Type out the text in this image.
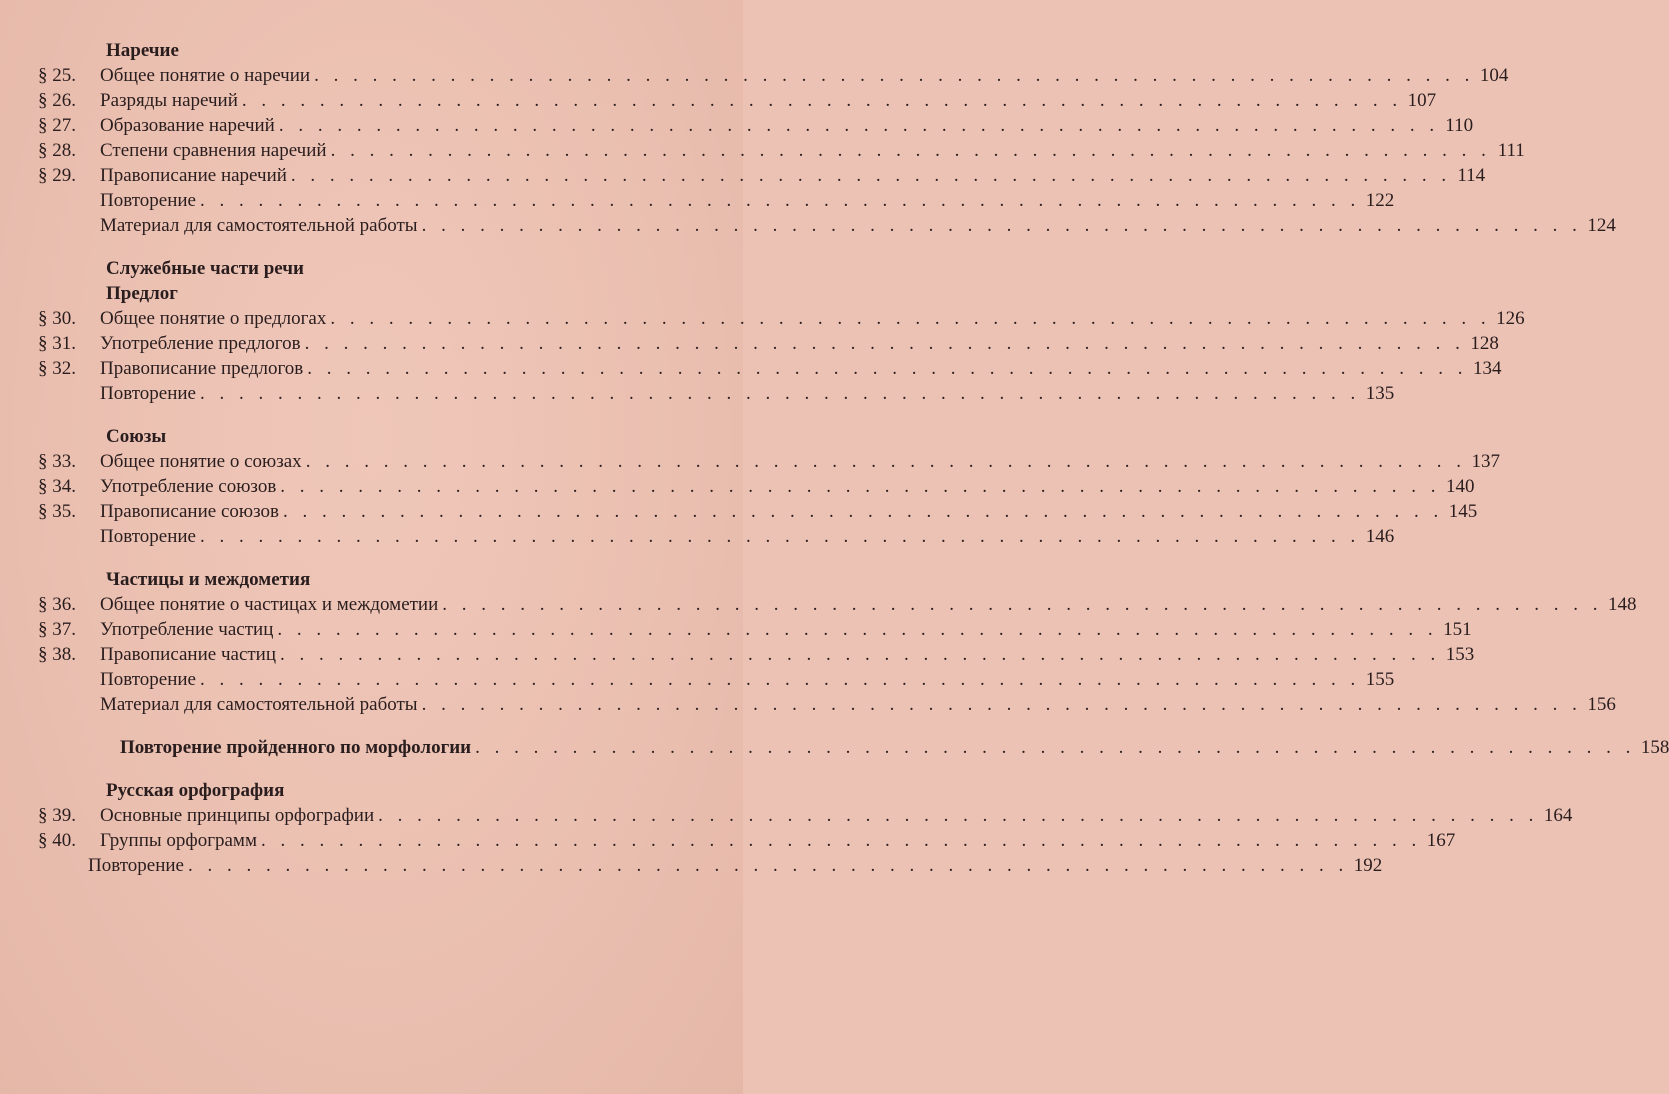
Наречие
§ 25.	Общее понятие о наречии . . . . . . . . . . . . . . . . . . . . . . . . . . . . . . . . . . . . . . . . . . . . . . . . . . . . . . . . . . . . 104
§ 26.	Разряды наречий . . . . . . . . . . . . . . . . . . . . . . . . . . . . . . . . . . . . . . . . . . . . . . . . . . . . . . . . . . . . 107
§ 27.	Образование наречий . . . . . . . . . . . . . . . . . . . . . . . . . . . . . . . . . . . . . . . . . . . . . . . . . . . . . . . . . . . . 110
§ 28.	Степени сравнения наречий . . . . . . . . . . . . . . . . . . . . . . . . . . . . . . . . . . . . . . . . . . . . . . . . . . . . . . . . . . . . 111
§ 29.	Правописание наречий . . . . . . . . . . . . . . . . . . . . . . . . . . . . . . . . . . . . . . . . . . . . . . . . . . . . . . . . . . . . 114
Повторение . . . . . . . . . . . . . . . . . . . . . . . . . . . . . . . . . . . . . . . . . . . . . . . . . . . . . . . . . . . . 122
Материал для самостоятельной работы . . . . . . . . . . . . . . . . . . . . . . . . . . . . . . . . . . . . . . . . . . . . . . . . . . . . . . . . . . . . 124
Служебные части речи
Предлог
§ 30.	Общее понятие о предлогах . . . . . . . . . . . . . . . . . . . . . . . . . . . . . . . . . . . . . . . . . . . . . . . . . . . . . . . . . . . . 126
§ 31.	Употребление предлогов . . . . . . . . . . . . . . . . . . . . . . . . . . . . . . . . . . . . . . . . . . . . . . . . . . . . . . . . . . . . 128
§ 32.	Правописание предлогов . . . . . . . . . . . . . . . . . . . . . . . . . . . . . . . . . . . . . . . . . . . . . . . . . . . . . . . . . . . . 134
Повторение . . . . . . . . . . . . . . . . . . . . . . . . . . . . . . . . . . . . . . . . . . . . . . . . . . . . . . . . . . . . 135
Союзы
§ 33.	Общее понятие о союзах . . . . . . . . . . . . . . . . . . . . . . . . . . . . . . . . . . . . . . . . . . . . . . . . . . . . . . . . . . . . 137
§ 34.	Употребление союзов . . . . . . . . . . . . . . . . . . . . . . . . . . . . . . . . . . . . . . . . . . . . . . . . . . . . . . . . . . . . 140
§ 35.	Правописание союзов . . . . . . . . . . . . . . . . . . . . . . . . . . . . . . . . . . . . . . . . . . . . . . . . . . . . . . . . . . . . 145
Повторение . . . . . . . . . . . . . . . . . . . . . . . . . . . . . . . . . . . . . . . . . . . . . . . . . . . . . . . . . . . . 146
Частицы и междометия
§ 36.	Общее понятие о частицах и междометии . . . . . . . . . . . . . . . . . . . . . . . . . . . . . . . . . . . . . . . . . . . . . . . . . . . . . . . . . . . . 148
§ 37.	Употребление частиц . . . . . . . . . . . . . . . . . . . . . . . . . . . . . . . . . . . . . . . . . . . . . . . . . . . . . . . . . . . . 151
§ 38.	Правописание частиц . . . . . . . . . . . . . . . . . . . . . . . . . . . . . . . . . . . . . . . . . . . . . . . . . . . . . . . . . . . . 153
Повторение . . . . . . . . . . . . . . . . . . . . . . . . . . . . . . . . . . . . . . . . . . . . . . . . . . . . . . . . . . . . 155
Материал для самостоятельной работы . . . . . . . . . . . . . . . . . . . . . . . . . . . . . . . . . . . . . . . . . . . . . . . . . . . . . . . . . . . . 156
Повторение пройденного по морфологии . . . . . . . . . . . . . . . . . . . . . . . . . . . . . . . . . . . . . . . . . . . . . . . . . . . . . . . . . . . . 158
Русская орфография
§ 39.	Основные принципы орфографии . . . . . . . . . . . . . . . . . . . . . . . . . . . . . . . . . . . . . . . . . . . . . . . . . . . . . . . . . . . . 164
§ 40.	Группы орфограмм . . . . . . . . . . . . . . . . . . . . . . . . . . . . . . . . . . . . . . . . . . . . . . . . . . . . . . . . . . . . 167
Повторение . . . . . . . . . . . . . . . . . . . . . . . . . . . . . . . . . . . . . . . . . . . . . . . . . . . . . . . . . . . . 192
